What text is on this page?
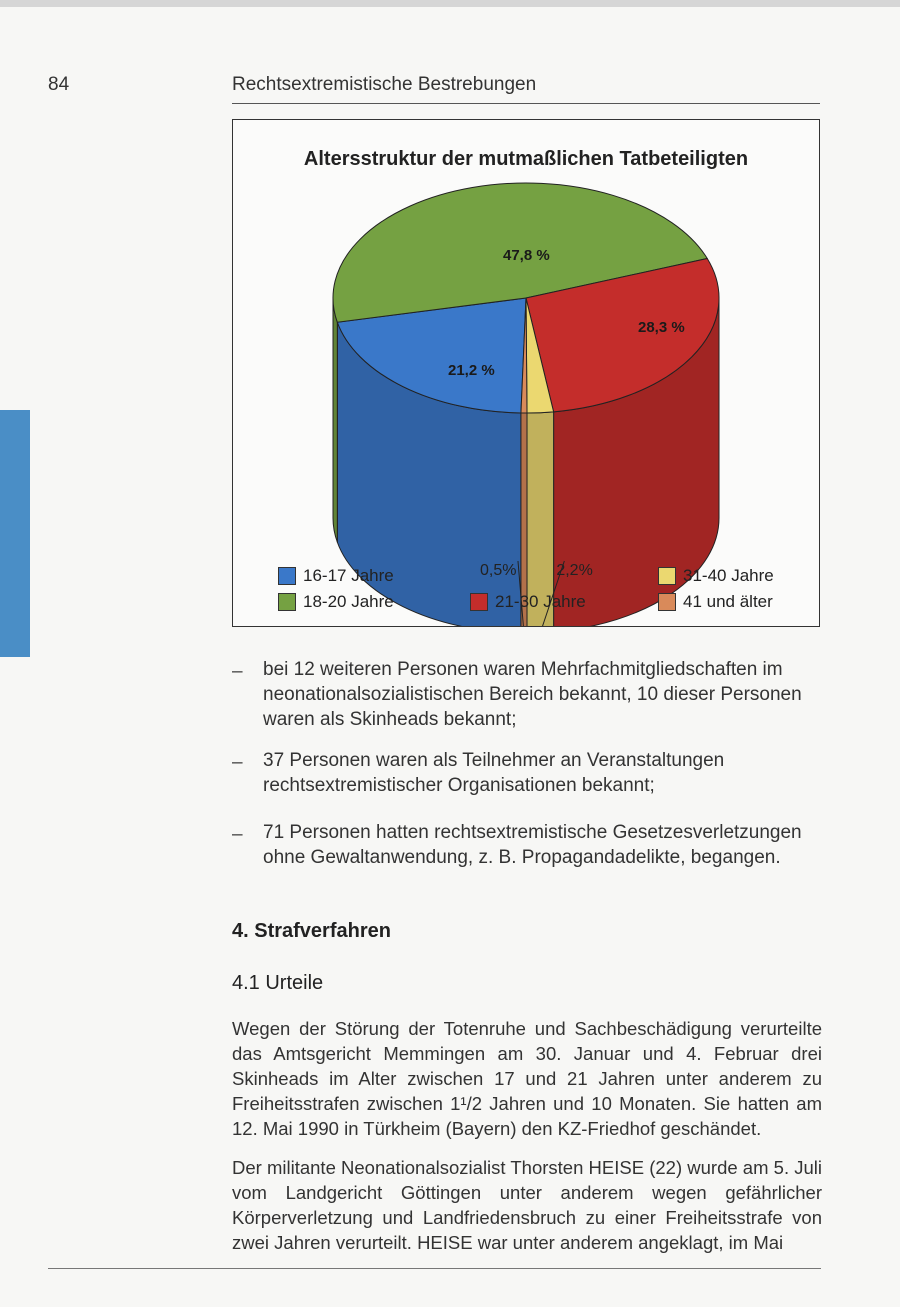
84	Rechtsextremistische Bestrebungen
Altersstruktur der mutmaßlichen Tatbeteiligten
21,2 %
47,8 %
28,3 %
2,2%
0,5%
16-17 Jahre
18-20 Jahre	21-30 Jahre
31-40 Jahre
41 und älter
– bei 12 weiteren Personen waren Mehrfachmitgliedschaften im neonationalsozialistischen Bereich bekannt, 10 dieser Personen waren als Skinheads bekannt;
– 37 Personen waren als Teilnehmer an Veranstaltungen rechtsextremistischer Organisationen bekannt;
– 71 Personen hatten rechtsextremistische Gesetzesverletzungen ohne Gewaltanwendung, z. B. Propagandadelikte, begangen.
4. Strafverfahren
4.1 Urteile
Wegen der Störung der Totenruhe und Sachbeschädigung verurteilte das Amtsgericht Memmingen am 30. Januar und 4. Februar drei Skinheads im Alter zwischen 17 und 21 Jahren unter anderem zu Freiheitsstrafen zwischen 1¹/2 Jahren und 10 Monaten. Sie hatten am 12. Mai 1990 in Türkheim (Bayern) den KZ-Friedhof geschändet.
Der militante Neonationalsozialist Thorsten HEISE (22) wurde am 5. Juli vom Landgericht Göttingen unter anderem wegen gefährlicher Körperverletzung und Landfriedensbruch zu einer Freiheitsstrafe von zwei Jahren verurteilt. HEISE war unter anderem angeklagt, im Mai
